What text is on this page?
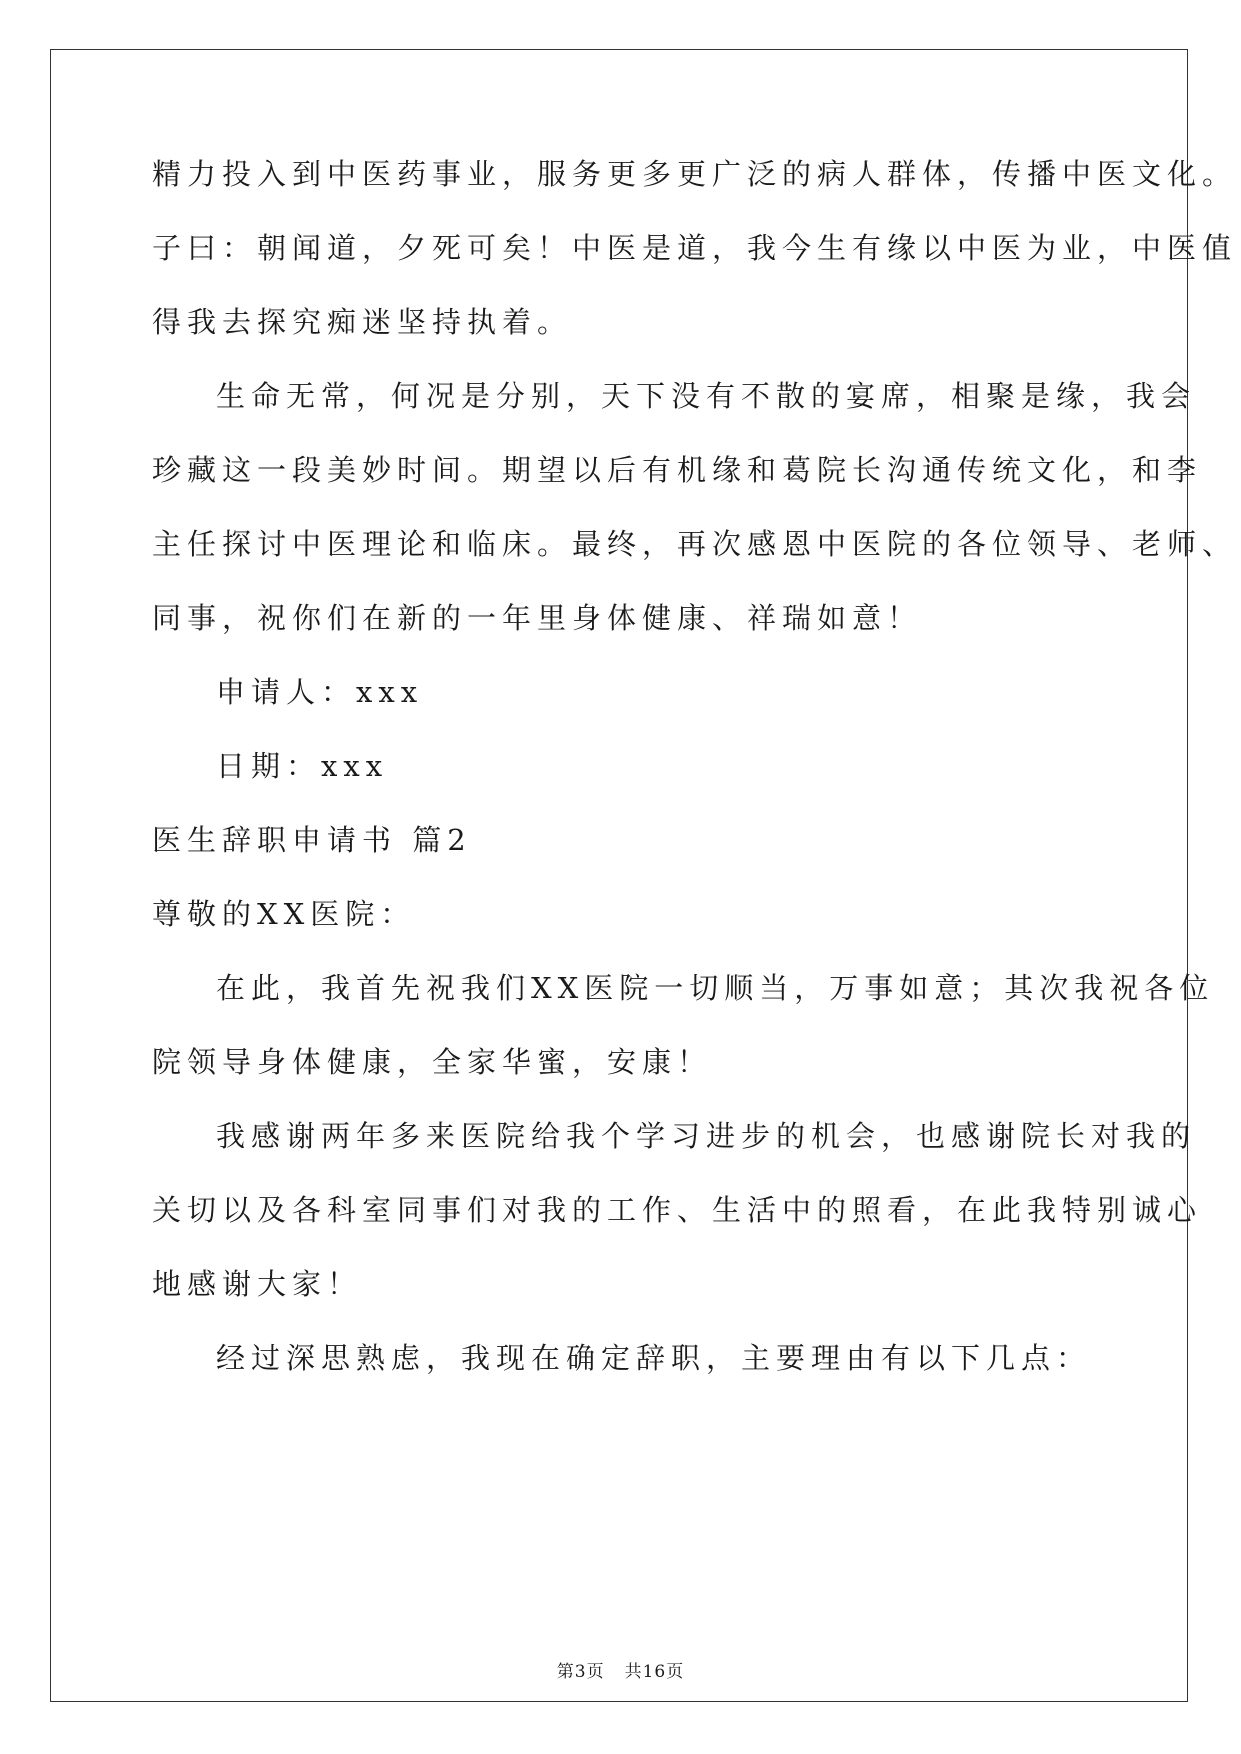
精力投入到中医药事业，服务更多更广泛的病人群体，传播中医文化。
子曰：朝闻道，夕死可矣！中医是道，我今生有缘以中医为业，中医值
得我去探究痴迷坚持执着。
生命无常，何况是分别，天下没有不散的宴席，相聚是缘，我会
珍藏这一段美妙时间。期望以后有机缘和葛院长沟通传统文化，和李
主任探讨中医理论和临床。最终，再次感恩中医院的各位领导、老师、
同事，祝你们在新的一年里身体健康、祥瑞如意！
申请人：xxx
日期：xxx
医生辞职申请书 篇2
尊敬的XX医院：
在此，我首先祝我们XX医院一切顺当，万事如意；其次我祝各位
院领导身体健康，全家华蜜，安康！
我感谢两年多来医院给我个学习进步的机会，也感谢院长对我的
关切以及各科室同事们对我的工作、生活中的照看，在此我特别诚心
地感谢大家！
经过深思熟虑，我现在确定辞职，主要理由有以下几点：
第3页 共16页
